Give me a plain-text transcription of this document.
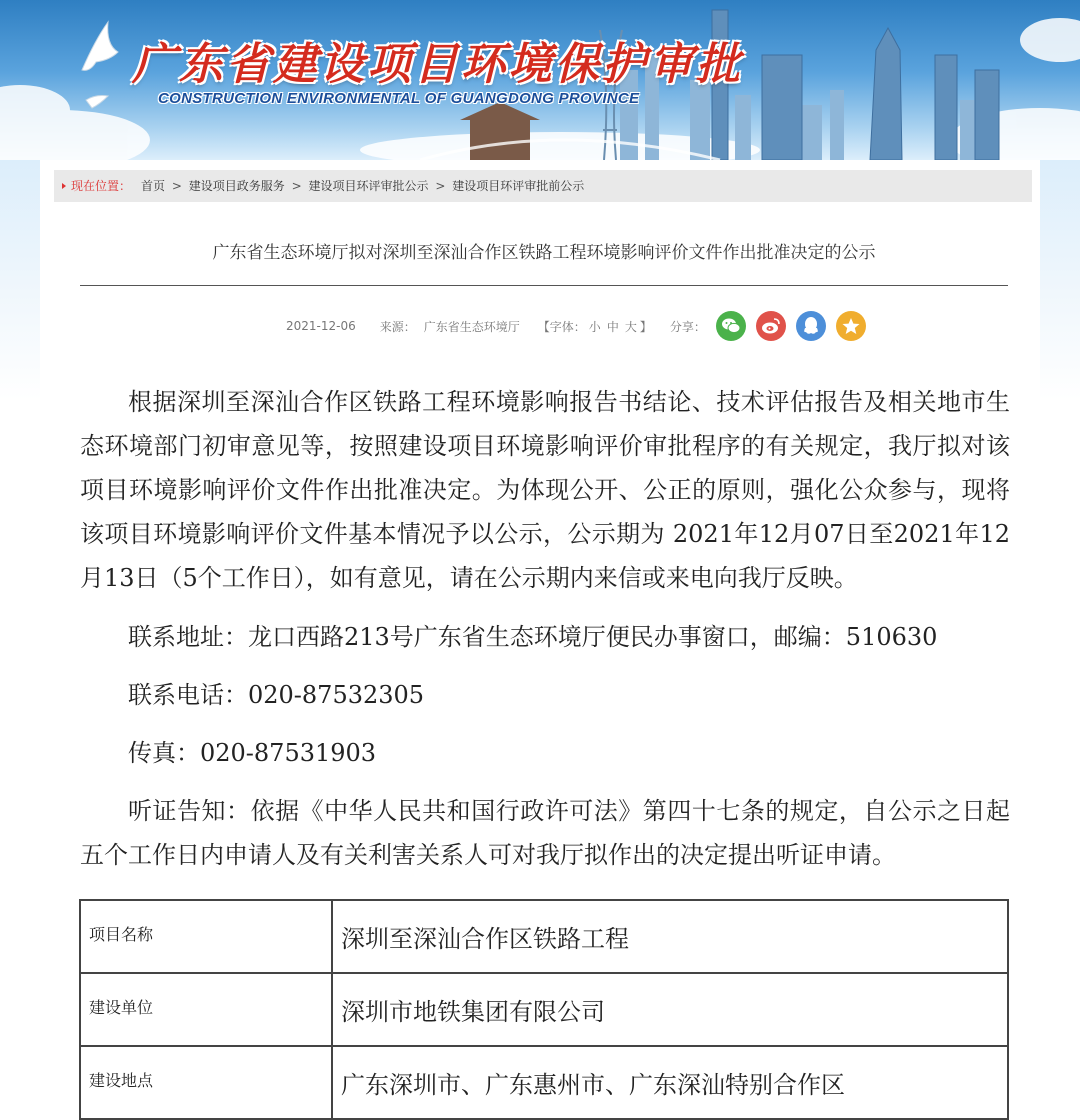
广东省建设项目环境保护审批
CONSTRUCTION ENVIRONMENTAL OF GUANGDONG PROVINCE
现在位置： 首页 > 建设项目政务服务 > 建设项目环评审批公示 > 建设项目环评审批前公示
广东省生态环境厅拟对深圳至深汕合作区铁路工程环境影响评价文件作出批准决定的公示
2021-12-06 来源： 广东省生态环境厅 【字体： 小 中 大 】 分享：

根据深圳至深汕合作区铁路工程环境影响报告书结论、技术评估报告及相关地市生态环境部门初审意见等，按照建设项目环境影响评价审批程序的有关规定，我厅拟对该项目环境影响评价文件作出批准决定。为体现公开、公正的原则，强化公众参与，现将该项目环境影响评价文件基本情况予以公示，公示期为 2021年12月07日至2021年12月13日（5个工作日），如有意见，请在公示期内来信或来电向我厅反映。

联系地址：龙口西路213号广东省生态环境厅便民办事窗口，邮编：510630

联系电话：020-87532305

传真：020-87531903

听证告知：依据《中华人民共和国行政许可法》第四十七条的规定，自公示之日起五个工作日内申请人及有关利害关系人可对我厅拟作出的决定提出听证申请。

项目名称	深圳至深汕合作区铁路工程
建设单位	深圳市地铁集团有限公司
建设地点	广东深圳市、广东惠州市、广东深汕特别合作区
